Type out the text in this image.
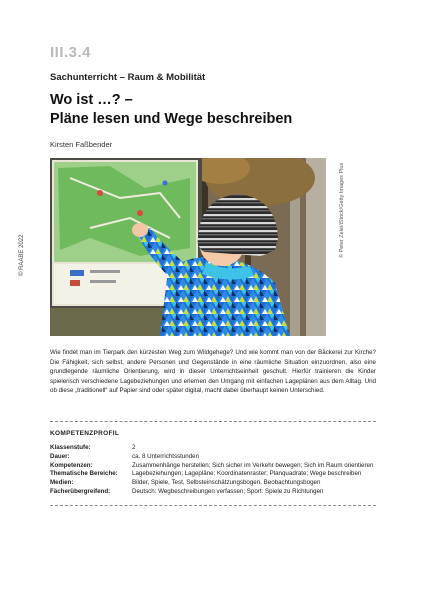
III.3.4
Sachunterricht – Raum & Mobilität
Wo ist …? –
Pläne lesen und Wege beschreiben
Kirsten Faßbender
© RAABE 2022	© Peter Zelei/iStock/Getty Images Plus
Wie findet man im Tierpark den kürzesten Weg zum Wildgehege? Und wie kommt man von der Bäckerei zur Kirche? Die Fähigkeit, sich selbst, andere Personen und Gegenstände in eine räumliche Situation einzuordnen, also eine grundlegende räumliche Orientierung, wird in dieser Unterrichtseinheit geschult. Hierfür trainieren die Kinder spielerisch verschiedene Lagebeziehungen und erlernen den Umgang mit einfachen Lageplänen aus dem Alltag. Und ob diese „traditionell“ auf Papier sind oder später digital, macht dabei überhaupt keinen Unterschied.
KOMPETENZPROFIL
Klassenstufe:	2
Dauer:	ca. 8 Unterrichtsstunden
Kompetenzen:	Zusammenhänge herstellen; Sich sicher im Verkehr bewegen; Sich im Raum orientieren
Thematische Bereiche:	Lagebeziehungen; Lagepläne; Koordinatenraster; Planquadrate; Wege beschreiben
Medien:	Bilder, Spiele, Test, Selbsteinschätzungsbogen, Beobachtungsbogen
Fächerübergreifend:	Deutsch: Wegbeschreibungen verfassen; Sport: Spiele zu Richtungen
